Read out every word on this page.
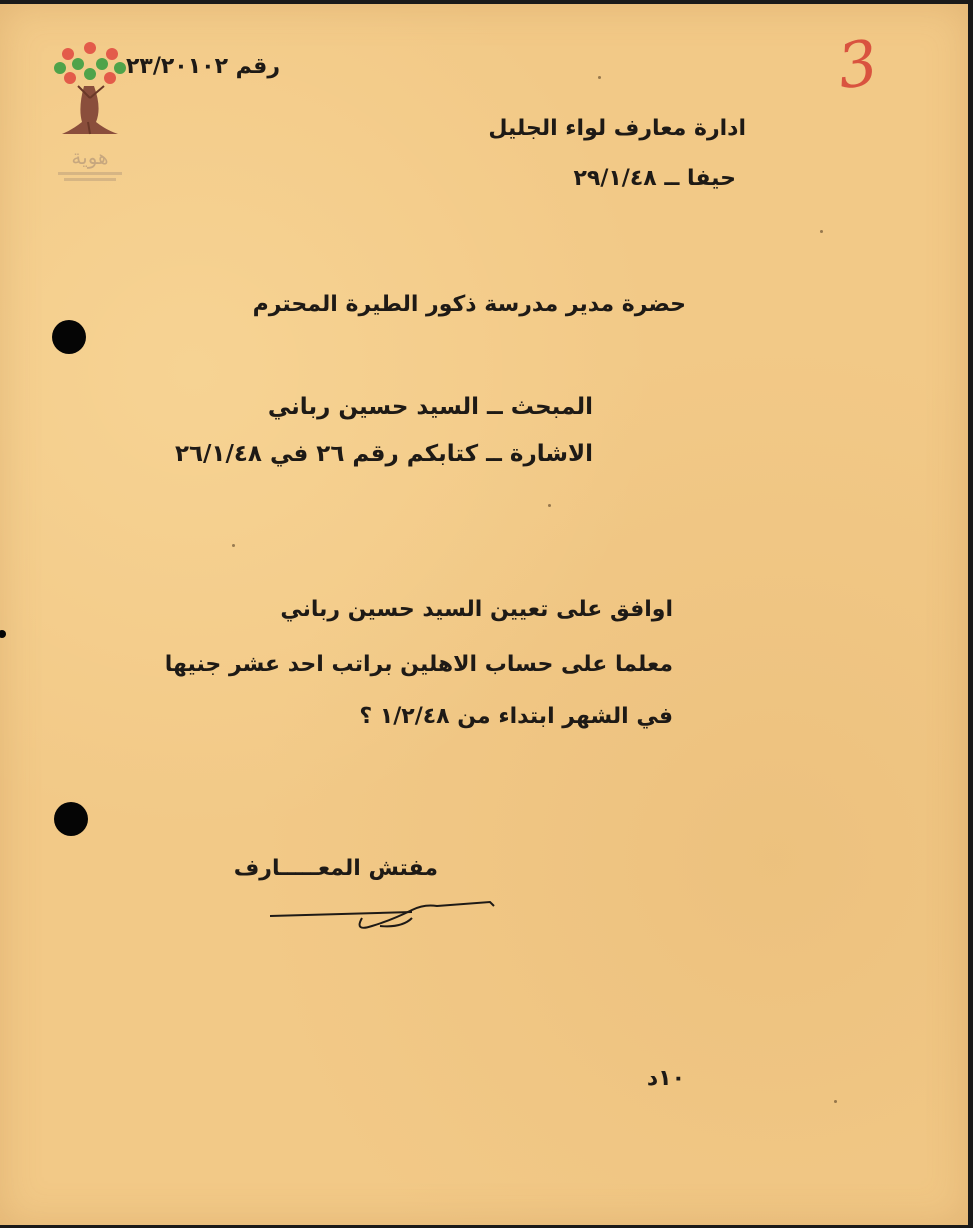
هوية
رقم ٢٣/٢٠١٠٢	3
ادارة معارف لواء الجليل
حيفا ــ ٢٩/١/٤٨
حضرة مدير مدرسة ذكور الطيرة المحترم
المبحث ــ السيد حسين رباني
الاشارة ــ كتابكم رقم ٢٦ في ٢٦/١/٤٨
اوافق على تعيين السيد حسين رباني
معلما على حساب الاهلين براتب احد عشر جنيها
في الشهر ابتداء من ١/٢/٤٨ ؟
مفتش المعـــــارف
١٠د
